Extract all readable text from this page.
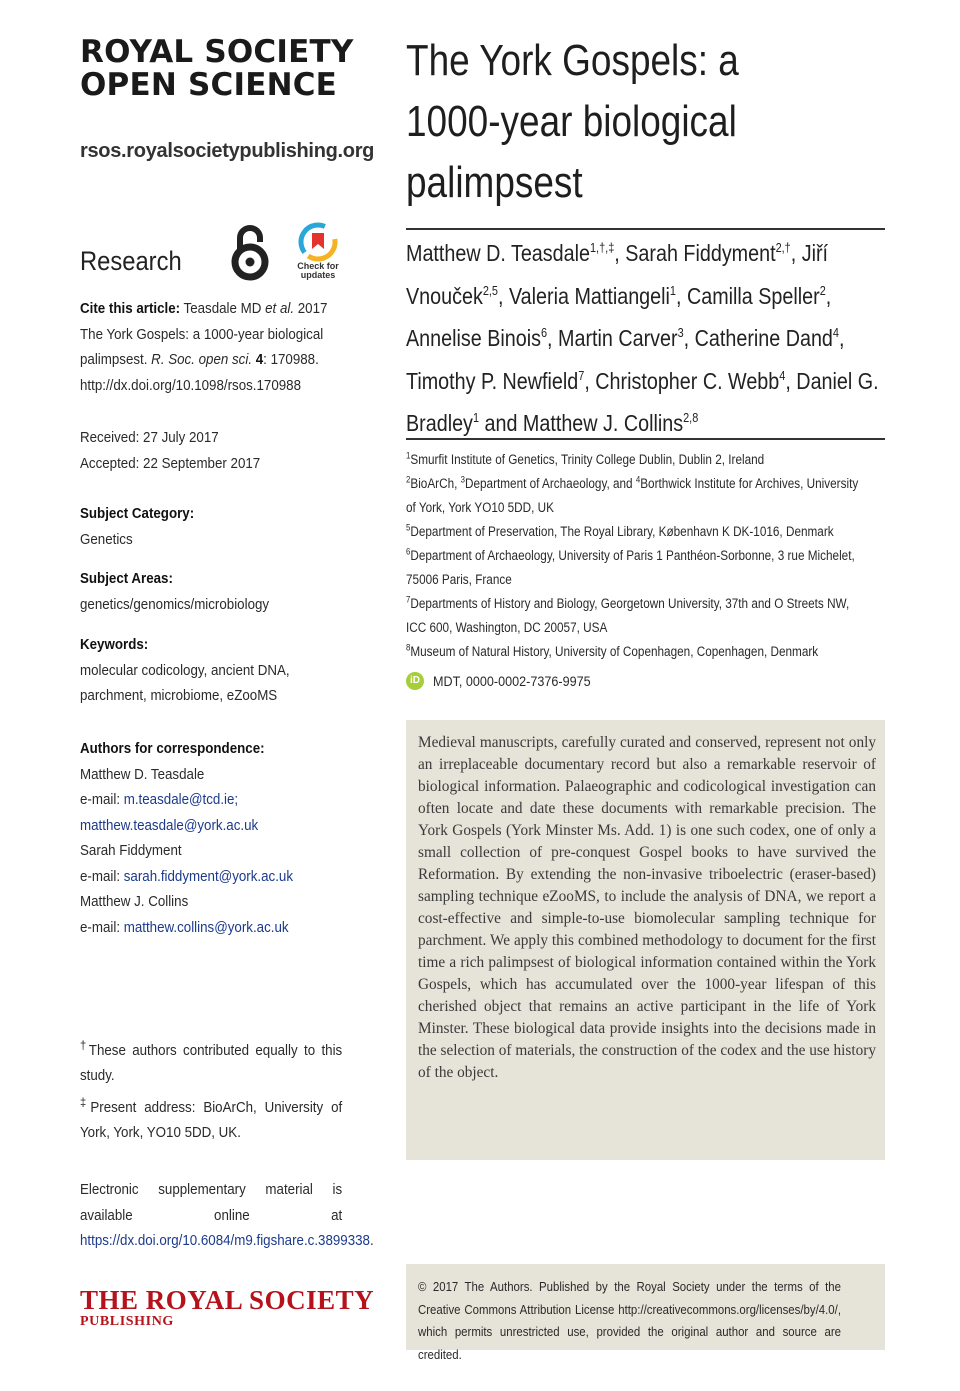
ROYAL SOCIETY
OPEN SCIENCE
rsos.royalsocietypublishing.org
Research	Check for
updates
Cite this article: Teasdale MD et al. 2017 The York Gospels: a 1000-year biological palimpsest. R. Soc. open sci. 4: 170988.
http://dx.doi.org/10.1098/rsos.170988
Received: 27 July 2017
Accepted: 22 September 2017
Subject Category:
Genetics
Subject Areas:
genetics/genomics/microbiology
Keywords:
molecular codicology, ancient DNA, parchment, microbiome, eZooMS
Authors for correspondence:
Matthew D. Teasdale
e-mail: m.teasdale@tcd.ie;
matthew.teasdale@york.ac.uk
Sarah Fiddyment
e-mail: sarah.fiddyment@york.ac.uk
Matthew J. Collins
e-mail: matthew.collins@york.ac.uk
†These authors contributed equally to this study.
‡Present address: BioArCh, University of York, York, YO10 5DD, UK.
Electronic supplementary material is available online at https://dx.doi.org/10.6084/m9.figshare.c.3899338.
THE ROYAL SOCIETY
PUBLISHING
The York Gospels: a
1000-year biological
palimpsest
Matthew D. Teasdale$^{1,\dagger,\ddagger}$, Sarah Fiddyment$^{2,\dagger}$, Jiří Vnouček$^{2,5}$, Valeria Mattiangeli$^1$, Camilla Speller$^2$, Annelise Binois$^6$, Martin Carver$^3$, Catherine Dand$^4$, Timothy P. Newfield$^7$, Christopher C. Webb$^4$, Daniel G. Bradley$^1$ and Matthew J. Collins$^{2,8}$
$^1$Smurfit Institute of Genetics, Trinity College Dublin, Dublin 2, Ireland
$^2$BioArCh, $^3$Department of Archaeology, and $^4$Borthwick Institute for Archives, University of York, York YO10 5DD, UK
$^5$Department of Preservation, The Royal Library, København K DK-1016, Denmark
$^6$Department of Archaeology, University of Paris 1 Panthéon-Sorbonne, 3 rue Michelet, 75006 Paris, France
$^7$Departments of History and Biology, Georgetown University, 37th and O Streets NW, ICC 600, Washington, DC 20057, USA
$^8$Museum of Natural History, University of Copenhagen, Copenhagen, Denmark
iD MDT, 0000-0002-7376-9975
Medieval manuscripts, carefully curated and conserved, represent not only an irreplaceable documentary record but also a remarkable reservoir of biological information. Palaeographic and codicological investigation can often locate and date these documents with remarkable precision. The York Gospels (York Minster Ms. Add. 1) is one such codex, one of only a small collection of pre-conquest Gospel books to have survived the Reformation. By extending the non-invasive triboelectric (eraser-based) sampling technique eZooMS, to include the analysis of DNA, we report a cost-effective and simple-to-use biomolecular sampling technique for parchment. We apply this combined methodology to document for the first time a rich palimpsest of biological information contained within the York Gospels, which has accumulated over the 1000-year lifespan of this cherished object that remains an active participant in the life of York Minster. These biological data provide insights into the decisions made in the selection of materials, the construction of the codex and the use history of the object.
© 2017 The Authors. Published by the Royal Society under the terms of the Creative Commons Attribution License http://creativecommons.org/licenses/by/4.0/, which permits unrestricted use, provided the original author and source are credited.
